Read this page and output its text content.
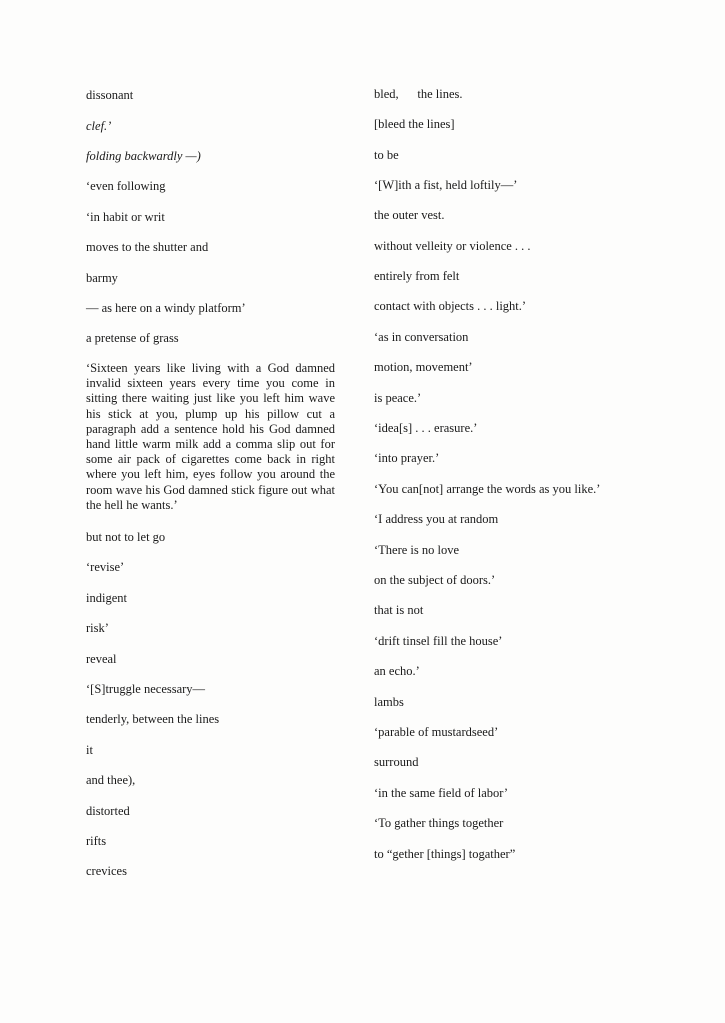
dissonant
clef.’
folding backwardly —)
‘even following
‘in habit or writ
moves to the shutter and
barmy
— as here on a windy platform’
a pretense of grass
‘Sixteen years like living with a God damned invalid sixteen years every time you come in sitting there waiting just like you left him wave his stick at you, plump up his pillow cut a paragraph add a sentence hold his God damned hand little warm milk add a comma slip out for some air pack of cigarettes come back in right where you left him, eyes follow you around the room wave his God damned stick figure out what the hell he wants.’
but not to let go
‘revise’
indigent
risk’
reveal
‘[S]truggle necessary—
tenderly, between the lines
it
and thee),
distorted
rifts
crevices
bled,      the lines.
[bleed the lines]
to be
‘[W]ith a fist, held loftily—’
the outer vest.
without velleity or violence . . .
entirely from felt
contact with objects . . . light.’
‘as in conversation
motion, movement’
is peace.’
‘idea[s] . . . erasure.’
‘into prayer.’
‘You can[not] arrange the words as you like.’
‘I address you at random
‘There is no love
on the subject of doors.’
that is not
‘drift tinsel fill the house’
an echo.’
lambs
‘parable of mustardseed’
surround
‘in the same field of labor’
‘To gather things together
to “gether [things] togather”
